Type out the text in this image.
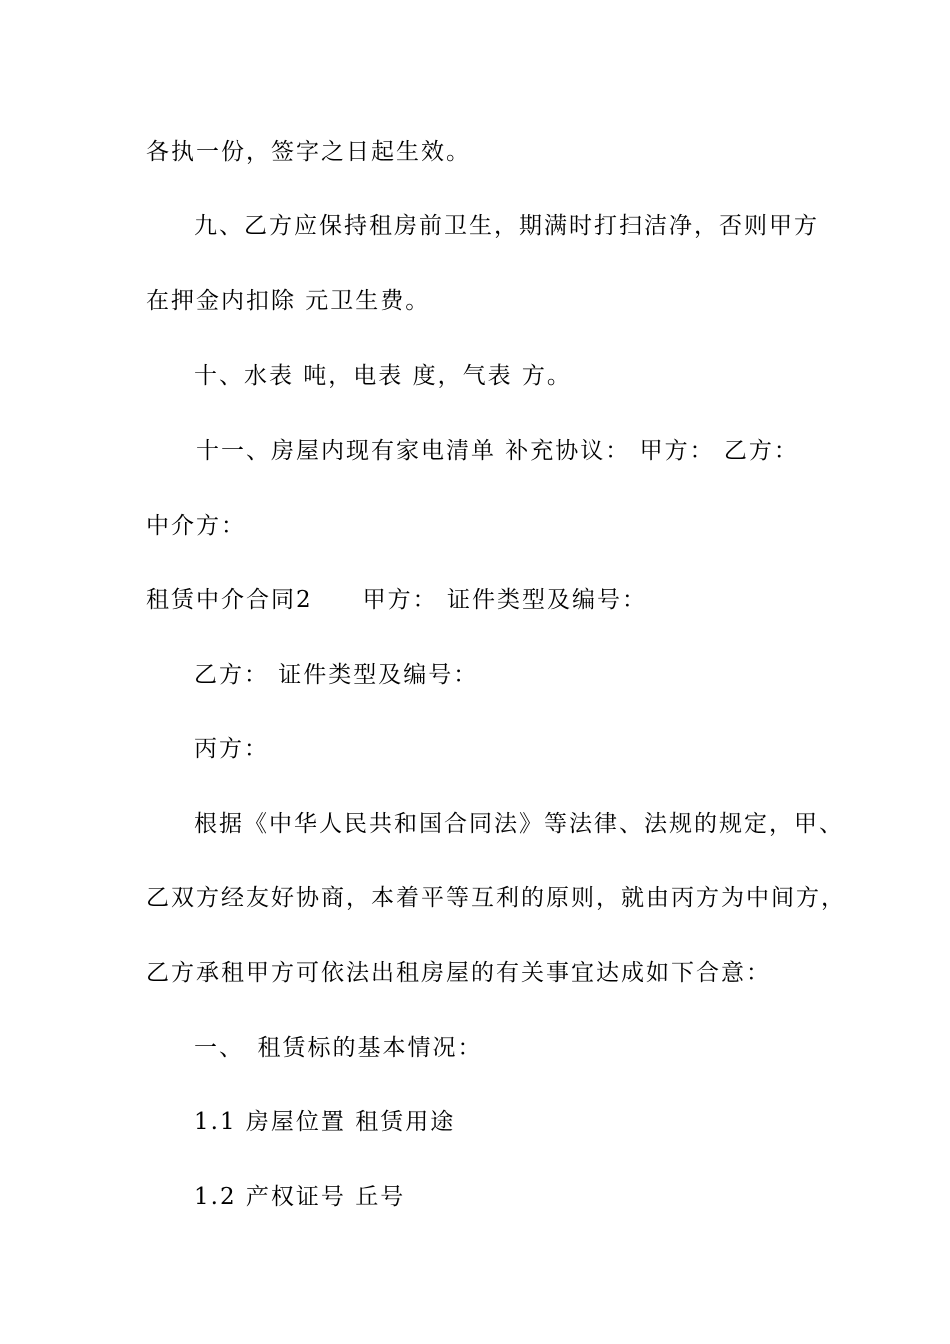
各执一份，签字之日起生效。
九、乙方应保持租房前卫生，期满时打扫洁净，否则甲方
在押金内扣除 元卫生费。
十、水表 吨，电表 度，气表 方。
十一、房屋内现有家电清单 补充协议： 甲方： 乙方：
中介方：
租赁中介合同2　　甲方： 证件类型及编号：
乙方： 证件类型及编号：
丙方：
根据《中华人民共和国合同法》等法律、法规的规定，甲、
乙双方经友好协商，本着平等互利的原则，就由丙方为中间方，
乙方承租甲方可依法出租房屋的有关事宜达成如下合意：
一、　租赁标的基本情况：
1.1 房屋位置 租赁用途
1.2 产权证号 丘号
